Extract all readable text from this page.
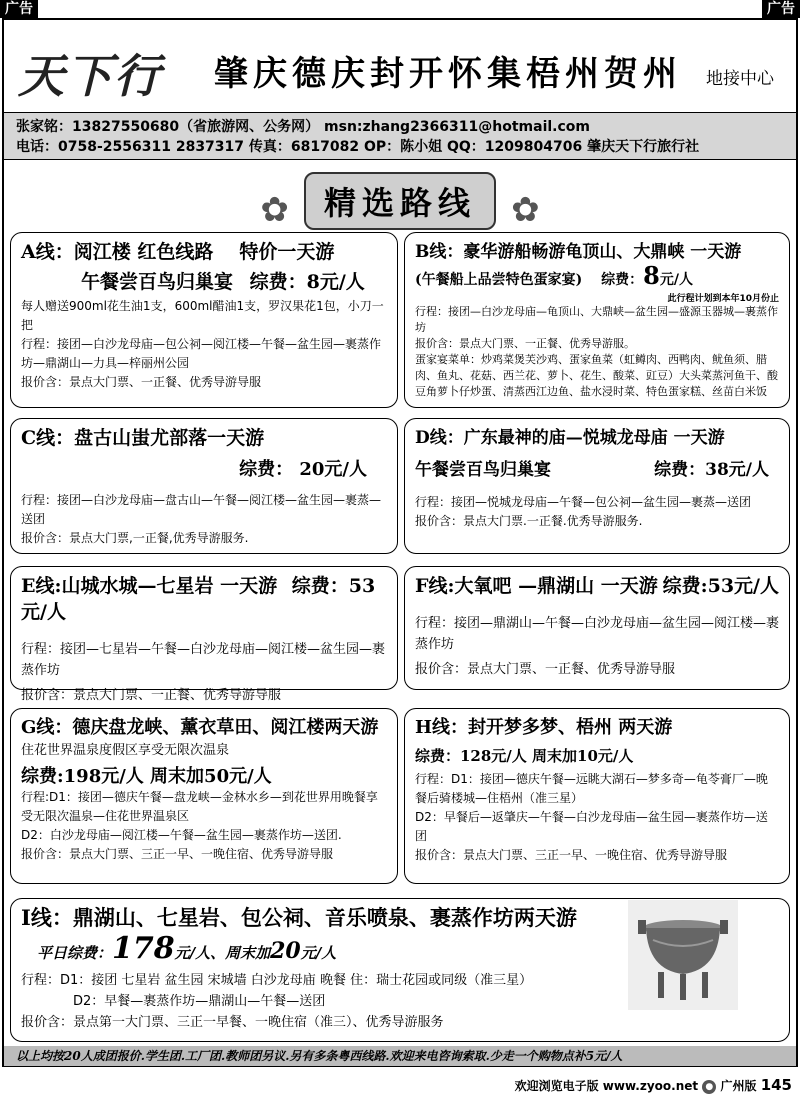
广告	广告
天下行 肇庆德庆封开怀集梧州贺州 地接中心
张家铭：13827550680（省旅游网、公务网） msn:zhang2366311@hotmail.com
电话：0758-2556311 2837317 传真：6817082 OP：陈小姐 QQ：1209804706 肇庆天下行旅行社
✿ 精选路线 ✿
A线：阅江楼 红色线路 特价一天游
午餐尝百鸟归巢宴 综费：8元/人
每人赠送900ml花生油1支，600ml醋油1支，罗汉果花1包，小刀一把
行程：接团—白沙龙母庙—包公祠—阅江楼—午餐—盆生园—裹蒸作坊—鼎湖山—力具—梓丽州公园
报价含：景点大门票、一正餐、优秀导游导服
B线：豪华游船畅游龟顶山、大鼎峡 一天游
(午餐船上品尝特色蛋家宴) 综费：8元/人
此行程计划到本年10月份止
行程：接团—白沙龙母庙—龟顶山、大鼎峡—盆生园—盛源玉器城—裹蒸作坊
报价含：景点大门票、一正餐、优秀导游服。
蛋家宴菜单：炒鸡菜煲芙沙鸡、蛋家鱼菜（虹鳟肉、西鸭肉、鱿鱼须、腊肉、鱼丸、花菇、西兰花、萝卜、花生、酸菜、豇豆）大头菜蒸河鱼干、酸豆角萝卜仔炒蛋、清蒸西江边鱼、盐水浸时菜、特色蛋家糕、丝苗白米饭
C线：盘古山蚩尤部落一天游
综费： 20元/人
行程：接团—白沙龙母庙—盘古山—午餐—阅江楼—盆生园—裹蒸—送团
报价含：景点大门票,一正餐,优秀导游服务.
D线：广东最神的庙—悦城龙母庙 一天游
午餐尝百鸟归巢宴	综费：38元/人
行程：接团—悦城龙母庙—午餐—包公祠—盆生园—裹蒸—送团
报价含：景点大门票.一正餐.优秀导游服务.
E线:山城水城—七星岩 一天游 综费：53元/人
行程：接团—七星岩—午餐—白沙龙母庙—阅江楼—盆生园—裹蒸作坊
报价含：景点大门票、一正餐、优秀导游导服
F线:大氧吧 —鼎湖山 一天游 综费:53元/人
行程：接团—鼎湖山—午餐—白沙龙母庙—盆生园—阅江楼—裹蒸作坊
报价含：景点大门票、一正餐、优秀导游导服
G线：德庆盘龙峡、薰衣草田、阅江楼两天游
住花世界温泉度假区享受无限次温泉
综费:198元/人 周末加50元/人
行程:D1：接团—德庆午餐—盘龙峡—金林水乡—到花世界用晚餐享受无限次温泉—住花世界温泉区
D2：白沙龙母庙—阅江楼—午餐—盆生园—裹蒸作坊—送团.
报价含：景点大门票、三正一早、一晚住宿、优秀导游导服
H线：封开梦多梦、梧州 两天游
综费：128元/人 周末加10元/人
行程：D1：接团—德庆午餐—远眺大湖石—梦多奇—龟苓膏厂—晚餐后骑楼城—住梧州（准三星）
D2：早餐后—返肇庆—午餐—白沙龙母庙—盆生园—裹蒸作坊—送团
报价含：景点大门票、三正一早、一晚住宿、优秀导游导服
I线：鼎湖山、七星岩、包公祠、音乐喷泉、裹蒸作坊两天游
平日综费：178元/人、周末加20元/人
行程：D1：接团 七星岩 盆生园 宋城墙 白沙龙母庙 晚餐 住：瑞士花园或同级（准三星）
D2：早餐—裹蒸作坊—鼎湖山—午餐—送团
报价含：景点第一大门票、三正一早餐、一晚住宿（准三）、优秀导游服务
以上均按20人成团报价.学生团.工厂团.教师团另议.另有多条粤西线路.欢迎来电咨询索取.少走一个购物点补5元/人
欢迎浏览电子版 www.zyoo.net ● 广州版 145
